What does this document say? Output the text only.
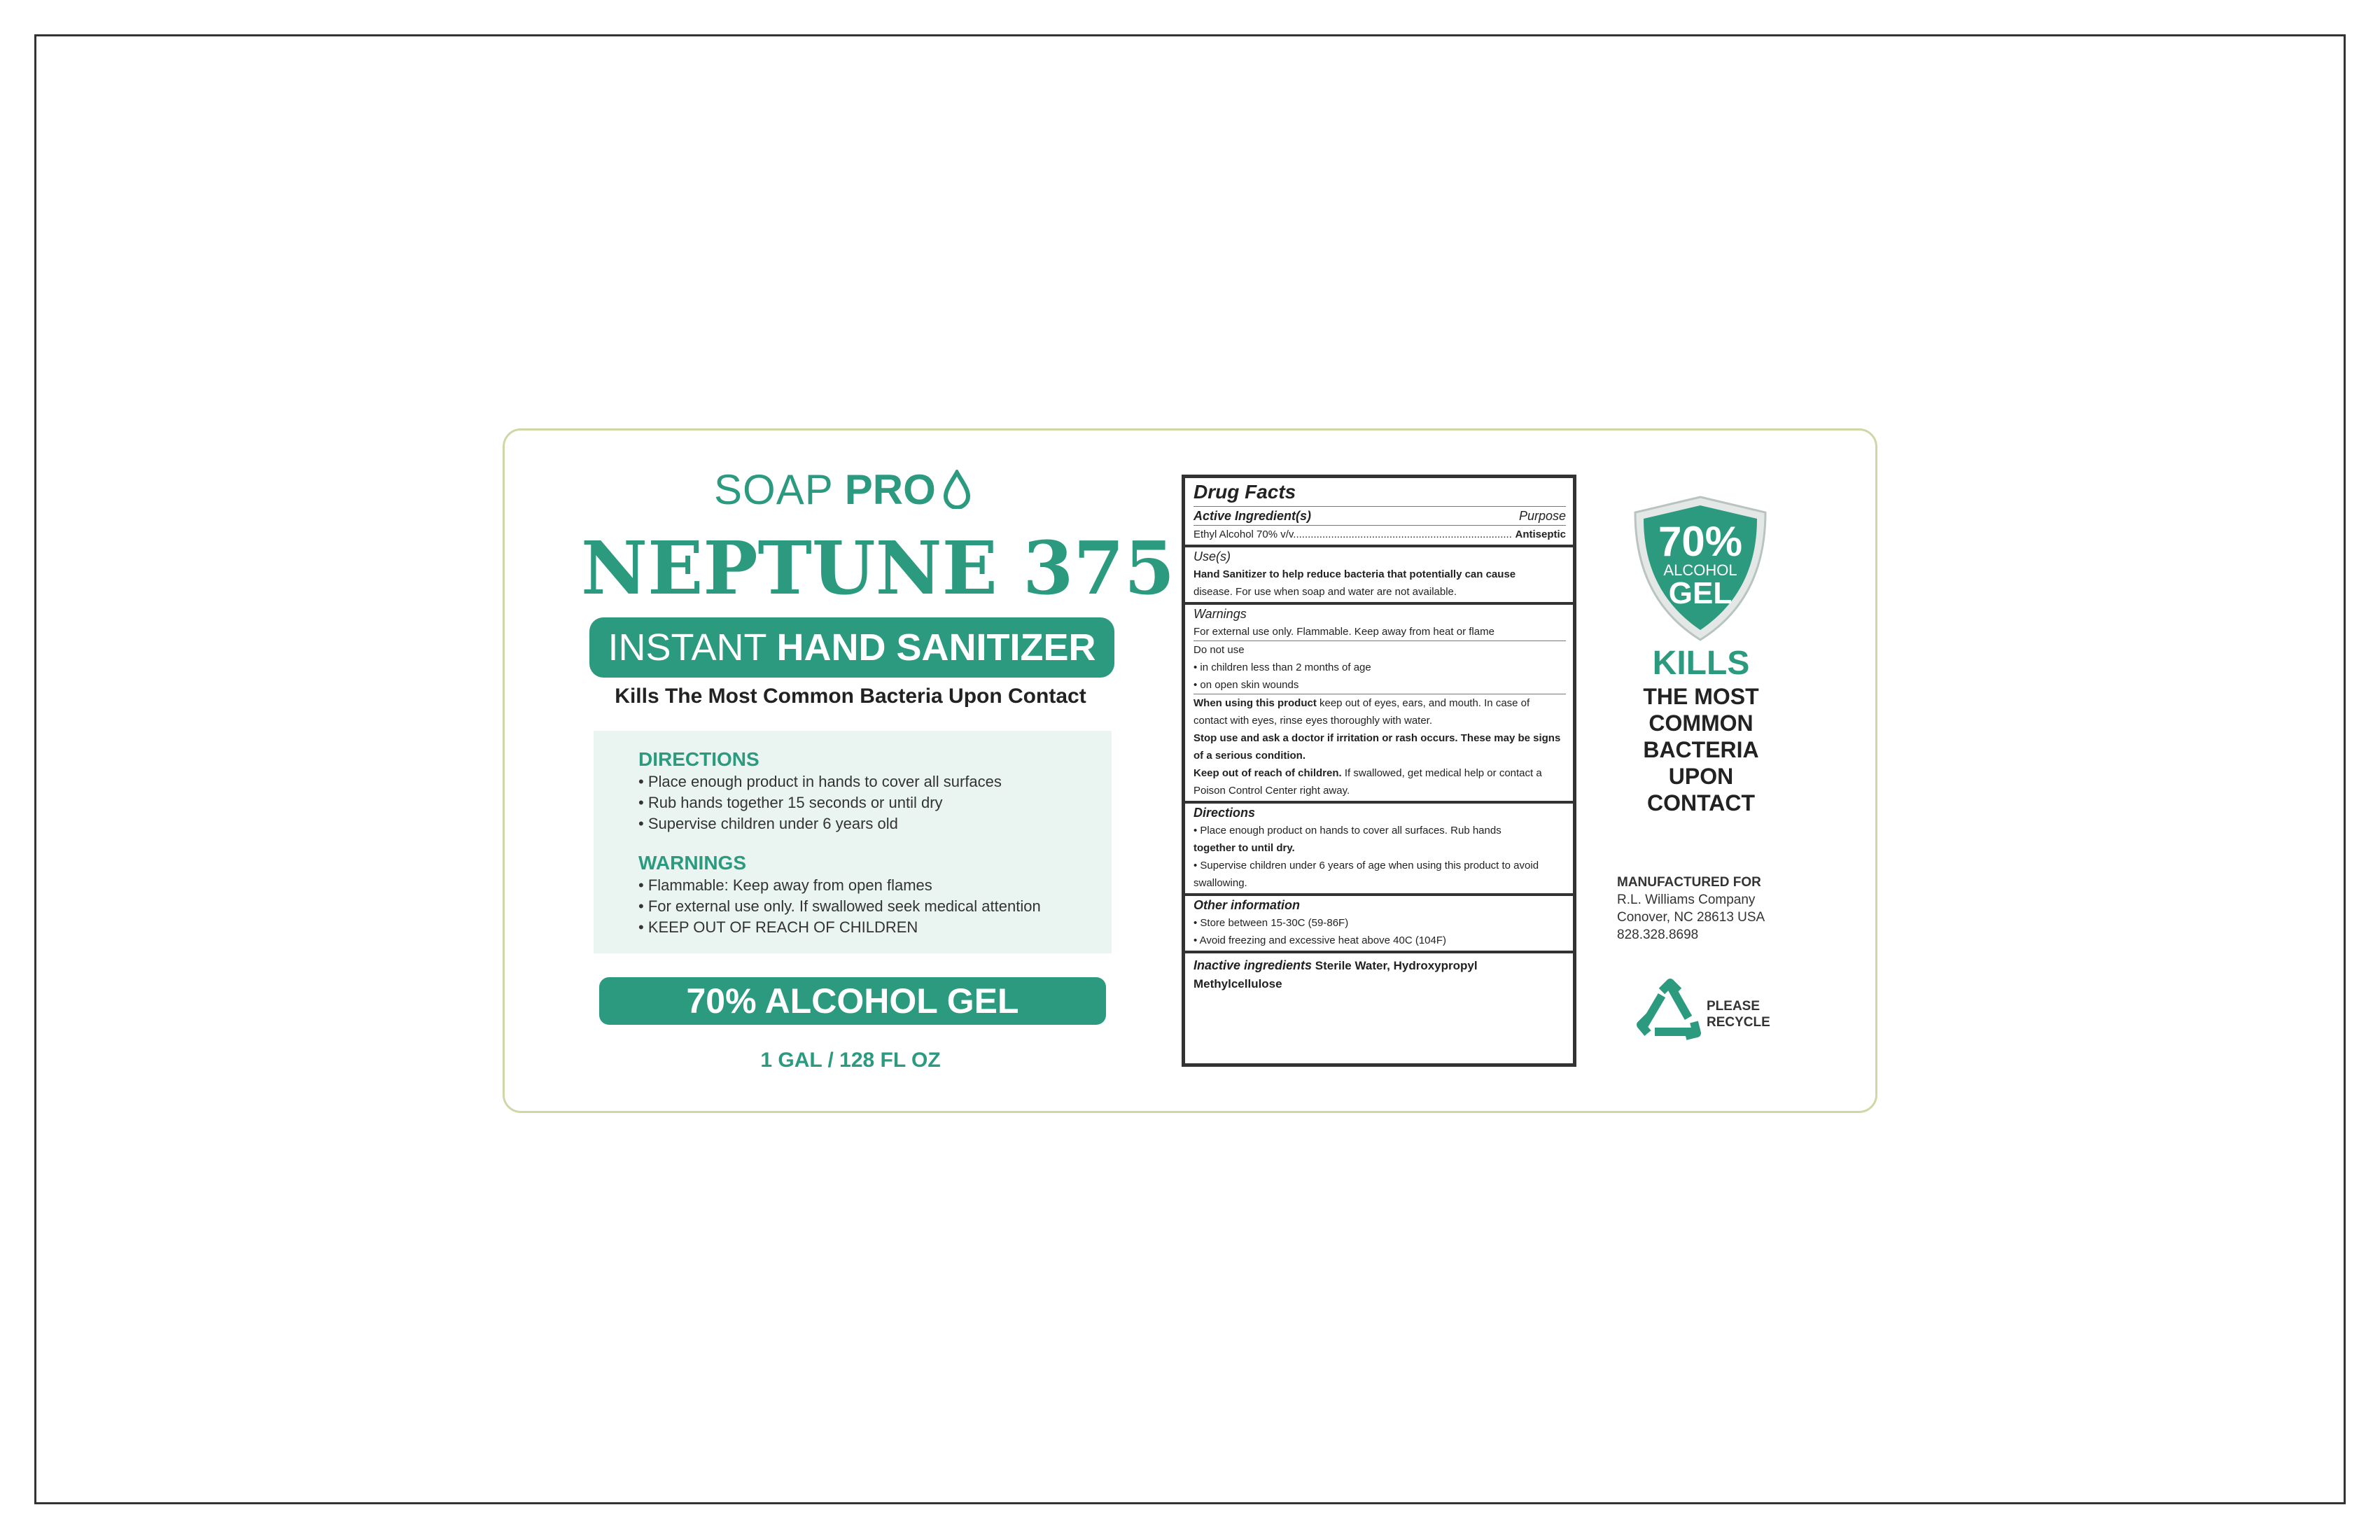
SOAP PRO
NEPTUNE 375
INSTANT HAND SANITIZER
Kills The Most Common Bacteria Upon Contact
DIRECTIONS
• Place enough product in hands to cover all surfaces
• Rub hands together 15 seconds or until dry
• Supervise children under 6 years old
WARNINGS
• Flammable: Keep away from open flames
• For external use only. If swallowed seek medical attention
• KEEP OUT OF REACH OF CHILDREN
70% ALCOHOL GEL
1 GAL / 128 FL OZ
Drug Facts
Active Ingredient(s)	Purpose
Ethyl Alcohol 70% v/v........................................................................... Antiseptic
Use(s)
Hand Sanitizer to help reduce bacteria that potentially can cause
disease. For use when soap and water are not available.
Warnings
For external use only. Flammable. Keep away from heat or flame
Do not use
• in children less than 2 months of age
• on open skin wounds
When using this product keep out of eyes, ears, and mouth. In case of contact with eyes, rinse eyes thoroughly with water.
Stop use and ask a doctor if irritation or rash occurs. These may be signs of a serious condition.
Keep out of reach of children. If swallowed, get medical help or contact a Poison Control Center right away.
Directions
• Place enough product on hands to cover all surfaces. Rub hands
together to until dry.
• Supervise children under 6 years of age when using this product to avoid swallowing.
Other information
• Store between 15-30C (59-86F)
• Avoid freezing and excessive heat above 40C (104F)
Inactive ingredients Sterile Water, Hydroxypropyl Methylcellulose
70%
ALCOHOL
GEL
KILLS
THE MOST
COMMON
BACTERIA
UPON
CONTACT
MANUFACTURED FOR
R.L. Williams Company
Conover, NC 28613 USA
828.328.8698
PLEASE
RECYCLE
